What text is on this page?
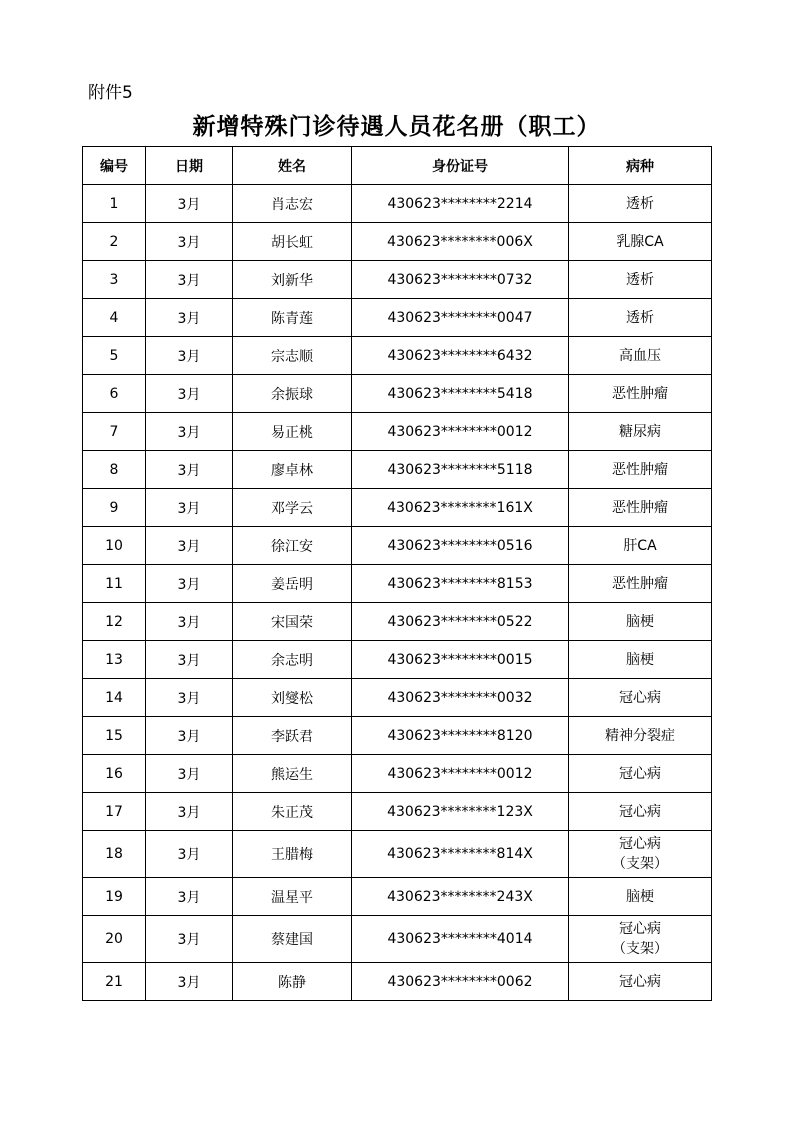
附件5
新增特殊门诊待遇人员花名册（职工）
编号	日期	姓名	身份证号	病种
1	3月	肖志宏	430623********2214	透析

2	3月	胡长虹	430623********006X	乳腺CA

3	3月	刘新华	430623********0732	透析

4	3月	陈青莲	430623********0047	透析

5	3月	宗志顺	430623********6432	高血压

6	3月	余振球	430623********5418	恶性肿瘤

7	3月	易正桃	430623********0012	糖尿病

8	3月	廖卓林	430623********5118	恶性肿瘤

9	3月	邓学云	430623********161X	恶性肿瘤

10	3月	徐江安	430623********0516	肝CA

11	3月	姜岳明	430623********8153	恶性肿瘤

12	3月	宋国荣	430623********0522	脑梗

13	3月	余志明	430623********0015	脑梗

14	3月	刘燮松	430623********0032	冠心病

15	3月	李跃君	430623********8120	精神分裂症

16	3月	熊运生	430623********0012	冠心病

17	3月	朱正茂	430623********123X	冠心病

18	3月	王腊梅	430623********814X	冠心病
（支架）

19	3月	温星平	430623********243X	脑梗

20	3月	蔡建国	430623********4014	冠心病
（支架）

21	3月	陈静	430623********0062	冠心病
